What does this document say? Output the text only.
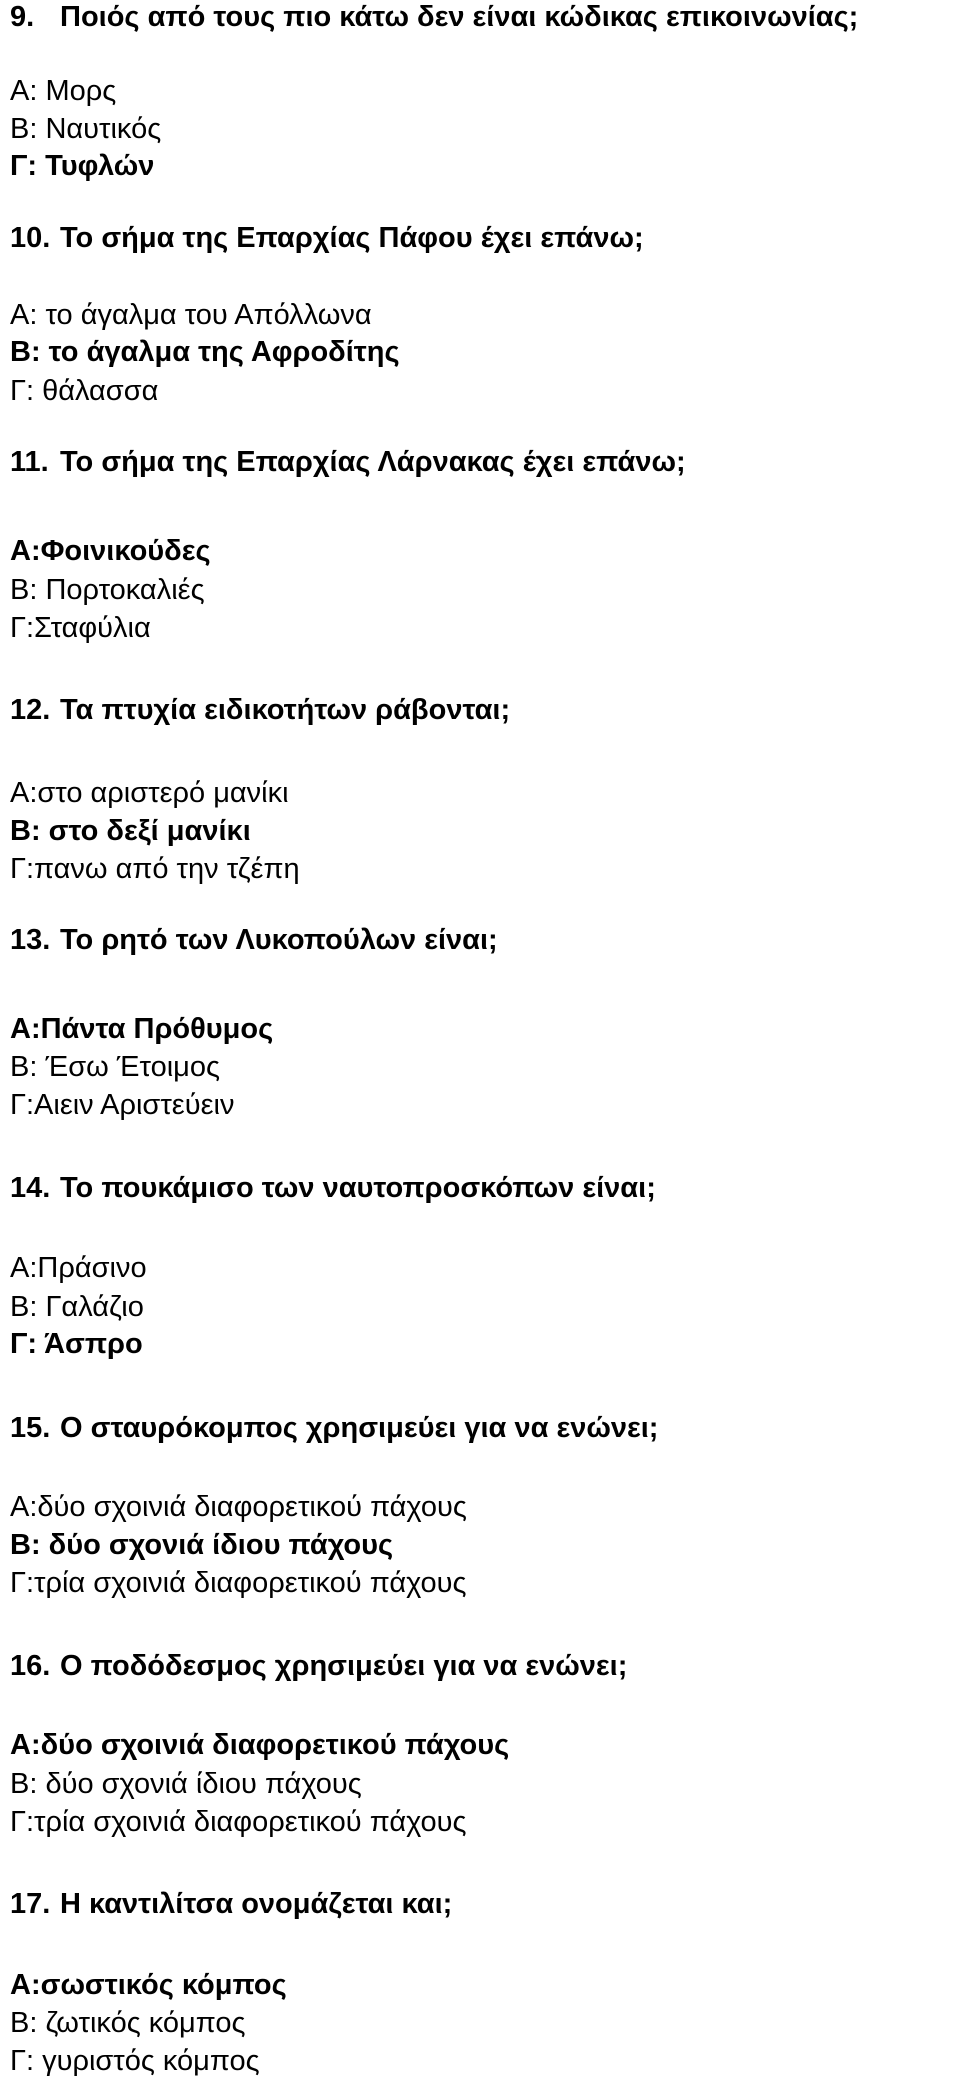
9. Ποιός από τους πιο κάτω δεν είναι κώδικας επικοινωνίας;
Α: Μορς
Β: Ναυτικός
Γ: Τυφλών
10. Το σήμα της Επαρχίας Πάφου έχει επάνω;
Α: το άγαλμα του Απόλλωνα
Β: το άγαλμα της Αφροδίτης
Γ: θάλασσα
11. Το σήμα της Επαρχίας Λάρνακας έχει επάνω;
Α:Φοινικούδες
Β: Πορτοκαλιές
Γ:Σταφύλια
12. Τα πτυχία ειδικοτήτων ράβονται;
Α:στο αριστερό μανίκι
Β: στο δεξί μανίκι
Γ:πανω από την τζέπη
13. Το ρητό των Λυκοπούλων είναι;
Α:Πάντα Πρόθυμος
Β: Έσω Έτοιμος
Γ:Αιειν Αριστεύειν
14. Το πουκάμισο των ναυτοπροσκόπων είναι;
Α:Πράσινο
Β: Γαλάζιο
Γ: Άσπρο
15. Ο σταυρόκομπος χρησιμεύει για να ενώνει;
Α:δύο σχοινιά διαφορετικού πάχους
Β: δύο σχονιά ίδιου πάχους
Γ:τρία σχοινιά διαφορετικού πάχους
16. Ο ποδόδεσμος χρησιμεύει για να ενώνει;
Α:δύο σχοινιά διαφορετικού πάχους
Β: δύο σχονιά ίδιου πάχους
Γ:τρία σχοινιά διαφορετικού πάχους
17. Η καντιλίτσα ονομάζεται και;
Α:σωστικός κόμπος
Β: ζωτικός κόμπος
Γ: γυριστός κόμπος
